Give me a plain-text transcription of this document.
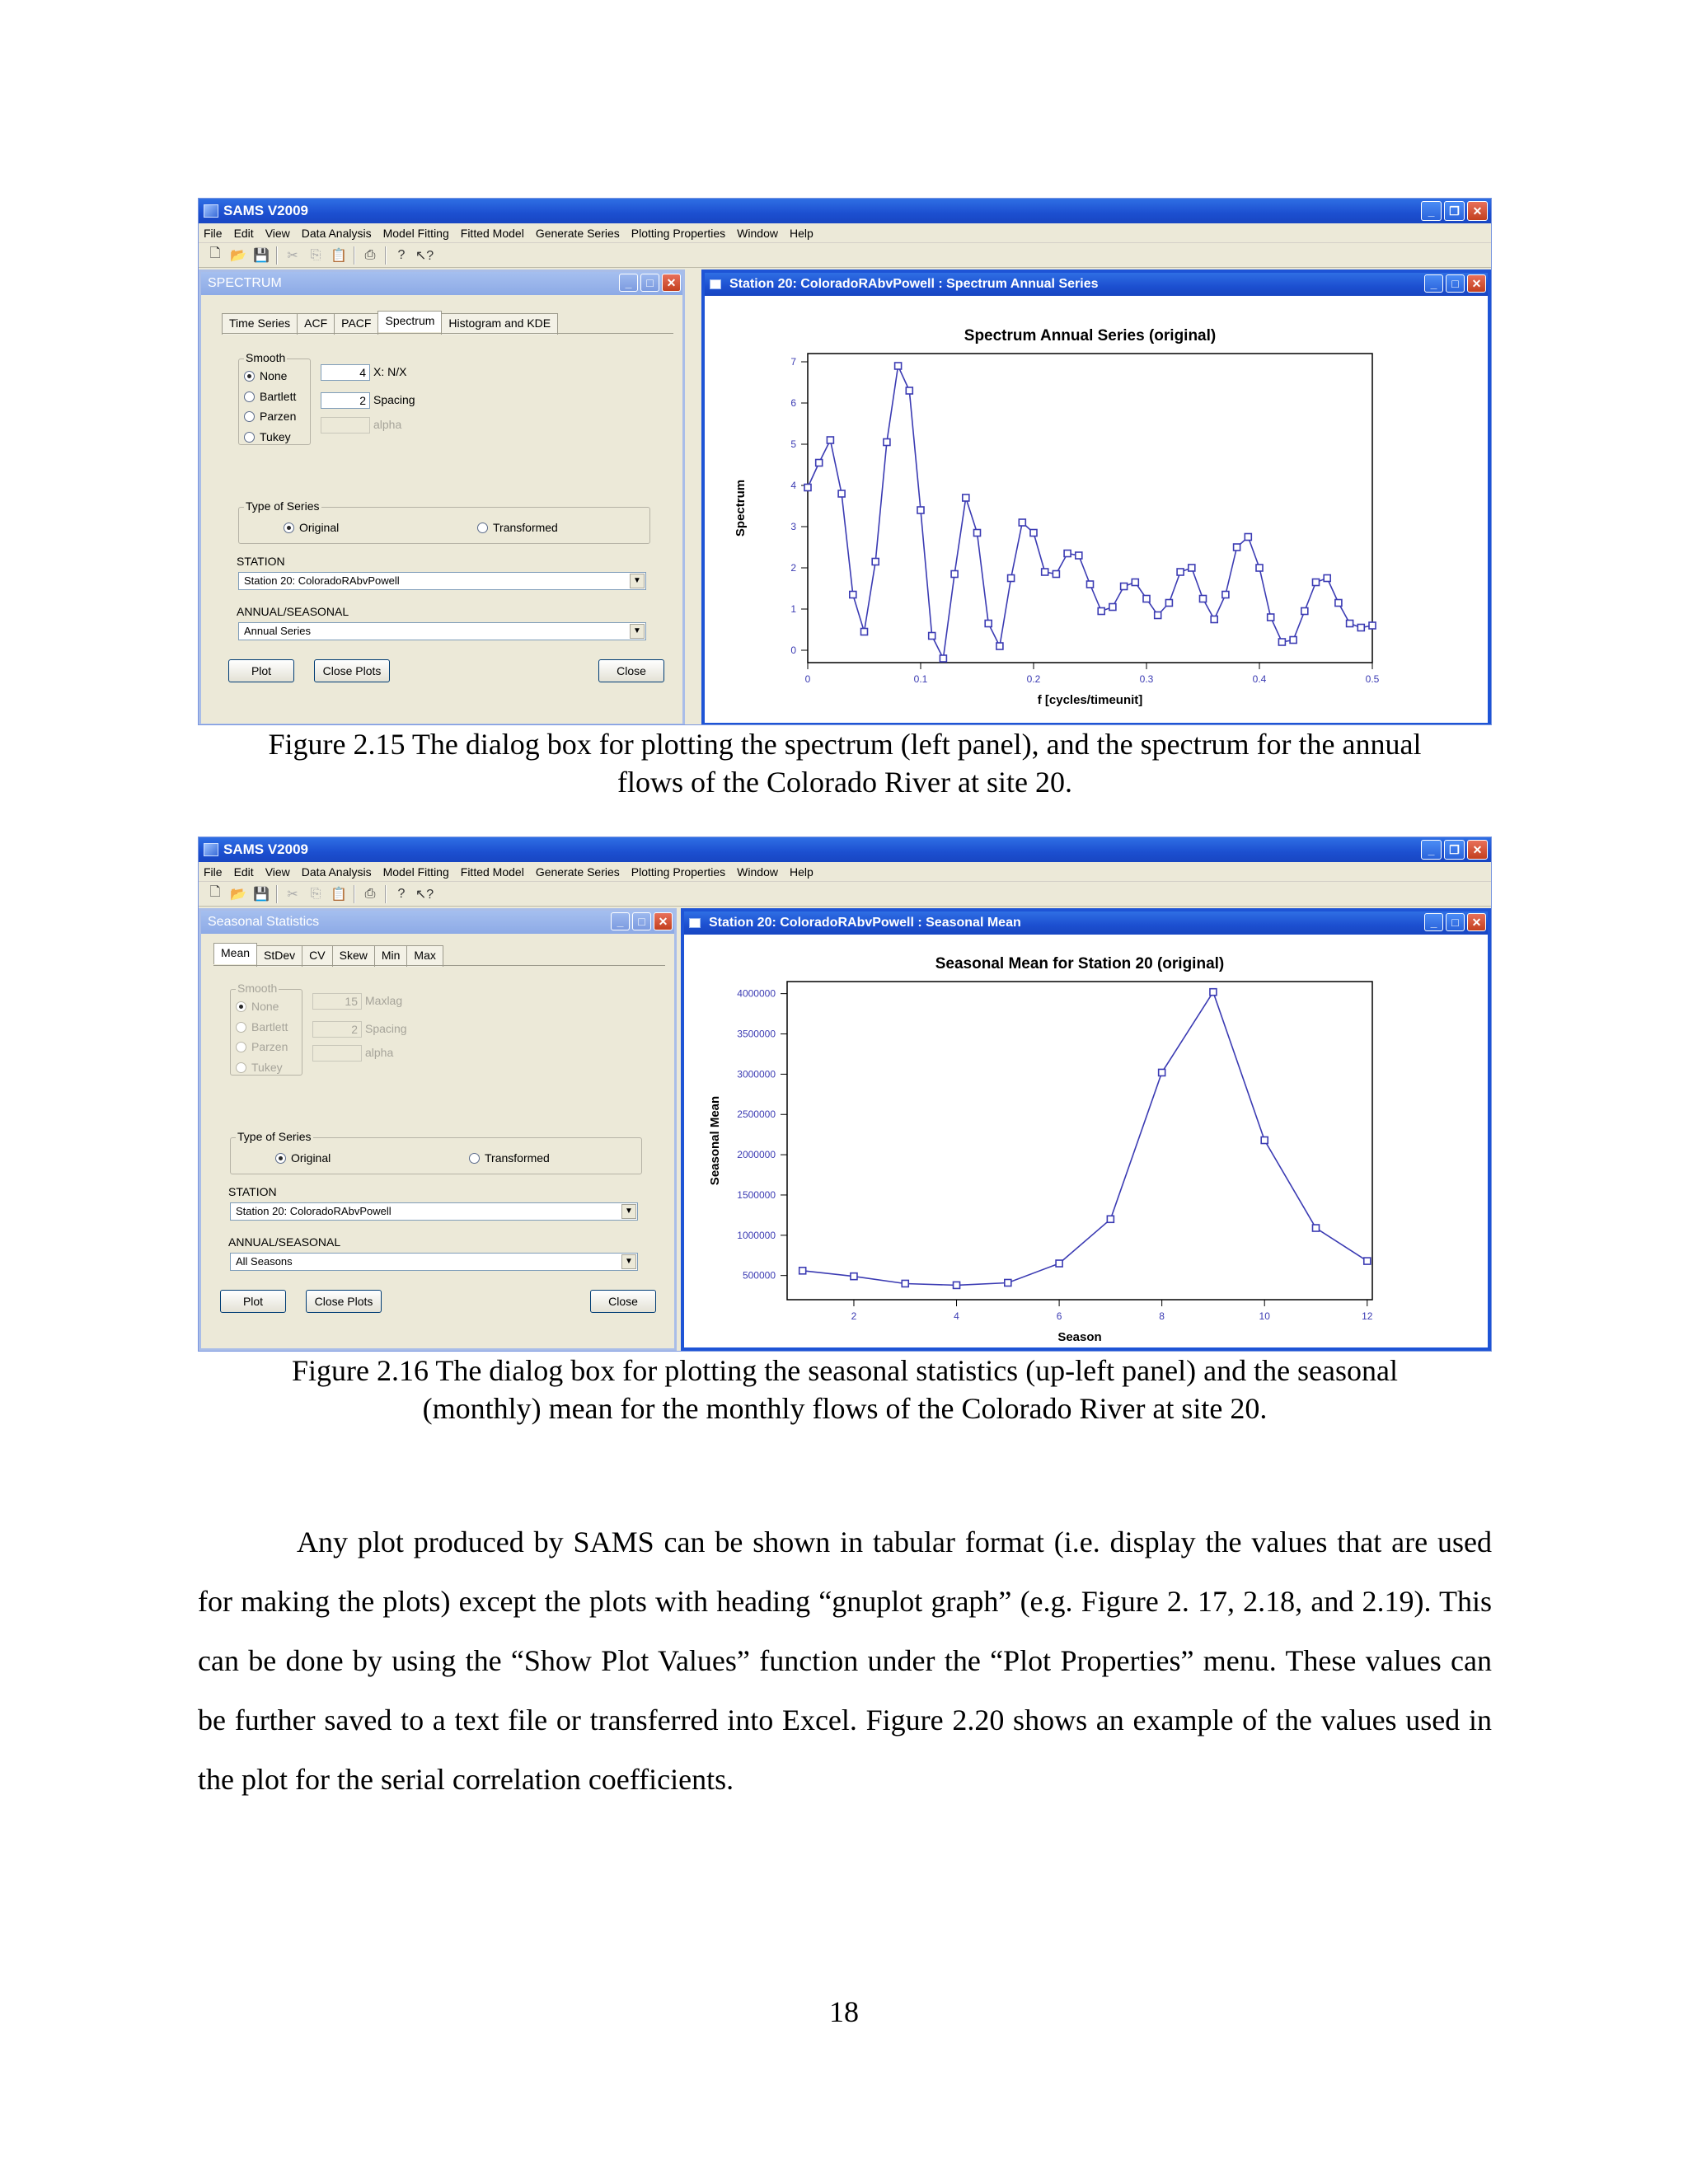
SAMS V2009	_	❐	✕
File Edit View Data Analysis Model Fitting Fitted Model Generate Series Plotting Properties Window Help
🗋 📂 💾 ✂ ⎘ 📋 ⎙	? ↖?
SPECTRUM	_	□	✕
Time Series	ACF	PACF	Spectrum	Histogram and KDE
Smooth
None
Bartlett
Parzen
Tukey
4 X: N/X
2 Spacing
alpha
Type of Series
Original	Transformed
STATION
Station 20: ColoradoRAbvPowell	▼
ANNUAL/SEASONAL
Annual Series	▼
Plot	Close Plots	Close
Station 20: ColoradoRAbvPowell : Spectrum Annual Series	_	□	✕
Spectrum Annual Series (original)
0	0.1	0.2	0.3	0.4	0.5
0
1
2
3
4
5
6
7
f [cycles/timeunit]
Spectrum
Figure 2.15 The dialog box for plotting the spectrum (left panel), and the spectrum for the annual
flows of the Colorado River at site 20.
SAMS V2009	_	❐	✕
File Edit View Data Analysis Model Fitting Fitted Model Generate Series Plotting Properties Window Help
🗋 📂 💾 ✂ ⎘ 📋 ⎙	? ↖?
Seasonal Statistics	_	□	✕
Mean	StDev	CV	Skew	Min	Max
Smooth
None
Bartlett
Parzen
Tukey
15 Maxlag
2 Spacing
alpha
Type of Series
Original	Transformed
STATION
Station 20: ColoradoRAbvPowell	▼
ANNUAL/SEASONAL
All Seasons	▼
Plot	Close Plots	Close
Station 20: ColoradoRAbvPowell : Seasonal Mean	_	□	✕
Seasonal Mean for Station 20 (original)
2	4	6	8	10	12
500000
1000000
1500000
2000000
2500000
3000000
3500000
4000000
Season
Seasonal Mean
Figure 2.16 The dialog box for plotting the seasonal statistics (up-left panel) and the seasonal
(monthly) mean for the monthly flows of the Colorado River at site 20.

Any plot produced by SAMS can be shown in tabular format (i.e. display the values that are used for making the plots) except the plots with heading “gnuplot graph” (e.g. Figure 2. 17, 2.18, and 2.19). This can be done by using the “Show Plot Values” function under the “Plot Properties” menu. These values can be further saved to a text file or transferred into Excel. Figure 2.20 shows an example of the values used in the plot for the serial correlation coefficients.

18
